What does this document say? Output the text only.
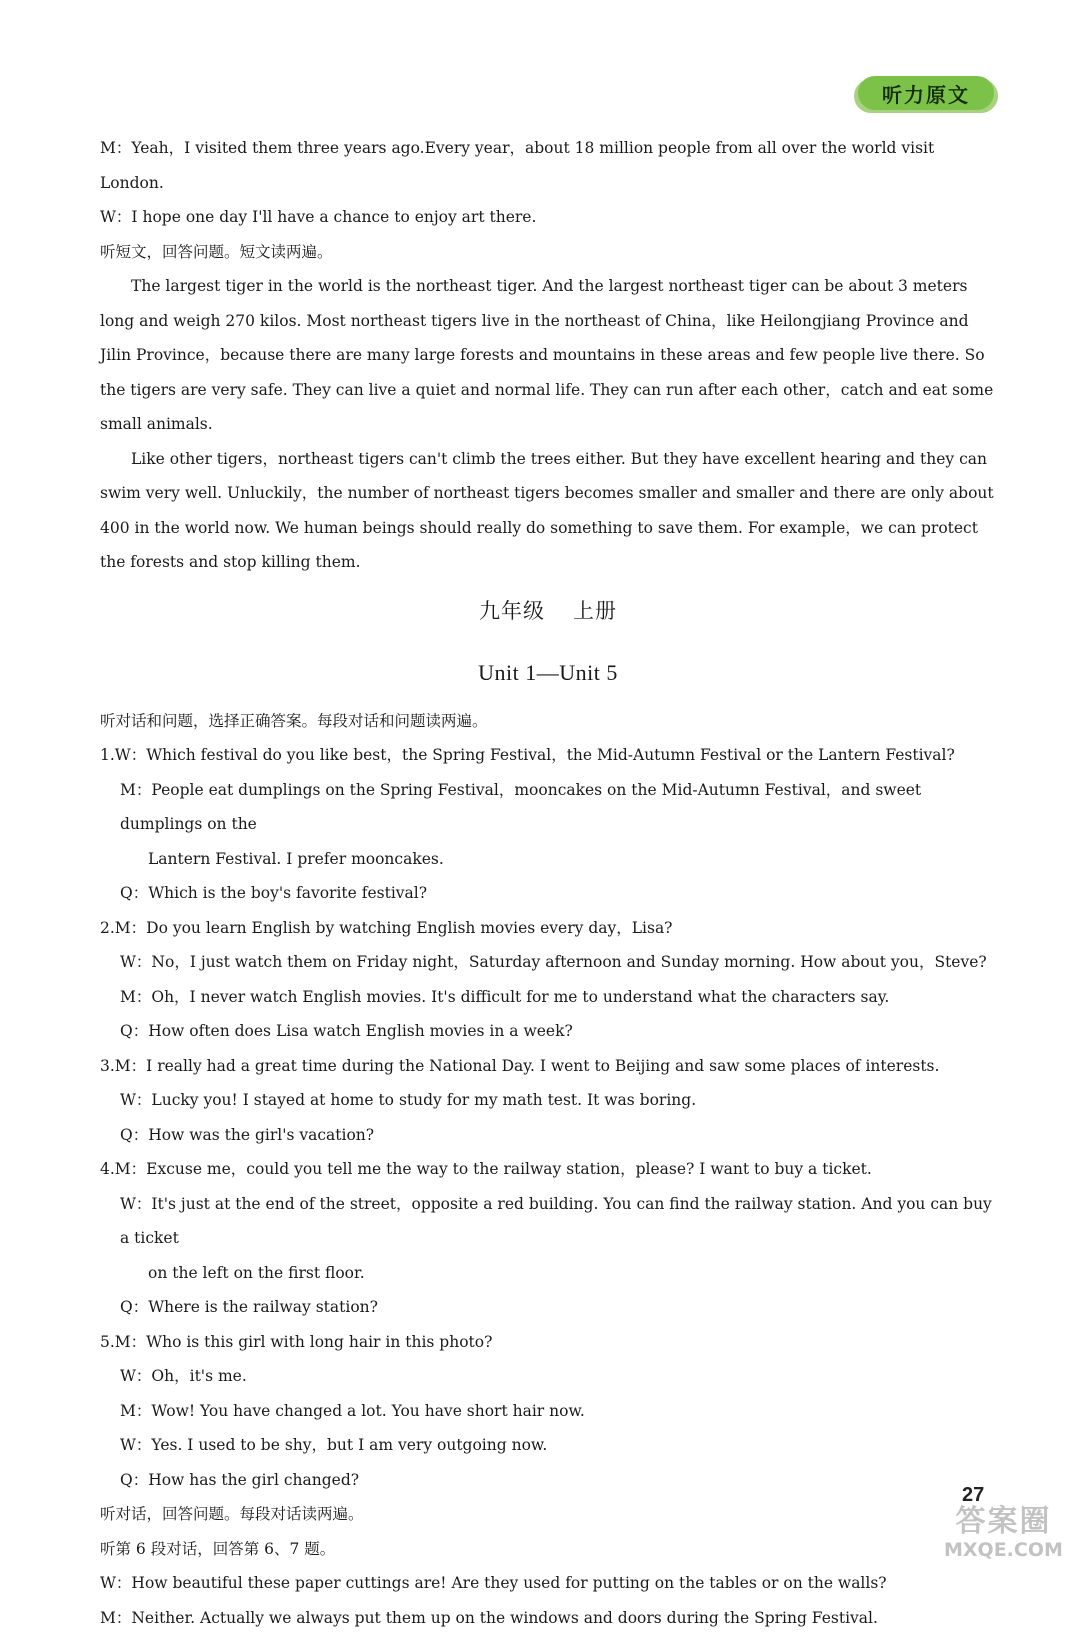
听力原文

M：Yeah，I visited them three years ago.Every year，about 18 million people from all over the world visit London.

W：I hope one day I'll have a chance to enjoy art there.

听短文，回答问题。短文读两遍。

The largest tiger in the world is the northeast tiger. And the largest northeast tiger can be about 3 meters long and weigh 270 kilos. Most northeast tigers live in the northeast of China，like Heilongjiang Province and Jilin Province，because there are many large forests and mountains in these areas and few people live there. So the tigers are very safe. They can live a quiet and normal life. They can run after each other，catch and eat some small animals.

Like other tigers，northeast tigers can't climb the trees either. But they have excellent hearing and they can swim very well. Unluckily，the number of northeast tigers becomes smaller and smaller and there are only about 400 in the world now. We human beings should really do something to save them. For example，we can protect the forests and stop killing them.

九年级 上册
Unit 1—Unit 5

听对话和问题，选择正确答案。每段对话和问题读两遍。

1.W：Which festival do you like best，the Spring Festival，the Mid-Autumn Festival or the Lantern Festival?

M：People eat dumplings on the Spring Festival，mooncakes on the Mid-Autumn Festival，and sweet dumplings on the

Lantern Festival. I prefer mooncakes.

Q：Which is the boy's favorite festival?

2.M：Do you learn English by watching English movies every day，Lisa?

W：No，I just watch them on Friday night，Saturday afternoon and Sunday morning. How about you，Steve?

M：Oh，I never watch English movies. It's difficult for me to understand what the characters say.

Q：How often does Lisa watch English movies in a week?

3.M：I really had a great time during the National Day. I went to Beijing and saw some places of interests.

W：Lucky you! I stayed at home to study for my math test. It was boring.

Q：How was the girl's vacation?

4.M：Excuse me，could you tell me the way to the railway station，please? I want to buy a ticket.

W：It's just at the end of the street，opposite a red building. You can find the railway station. And you can buy a ticket

on the left on the first floor.

Q：Where is the railway station?

5.M：Who is this girl with long hair in this photo?

W：Oh，it's me.

M：Wow! You have changed a lot. You have short hair now.

W：Yes. I used to be shy，but I am very outgoing now.

Q：How has the girl changed?

听对话，回答问题。每段对话读两遍。

听第 6 段对话，回答第 6、7 题。

W：How beautiful these paper cuttings are! Are they used for putting on the tables or on the walls?

M：Neither. Actually we always put them up on the windows and doors during the Spring Festival.

27
答案圈
MXQE.COM
